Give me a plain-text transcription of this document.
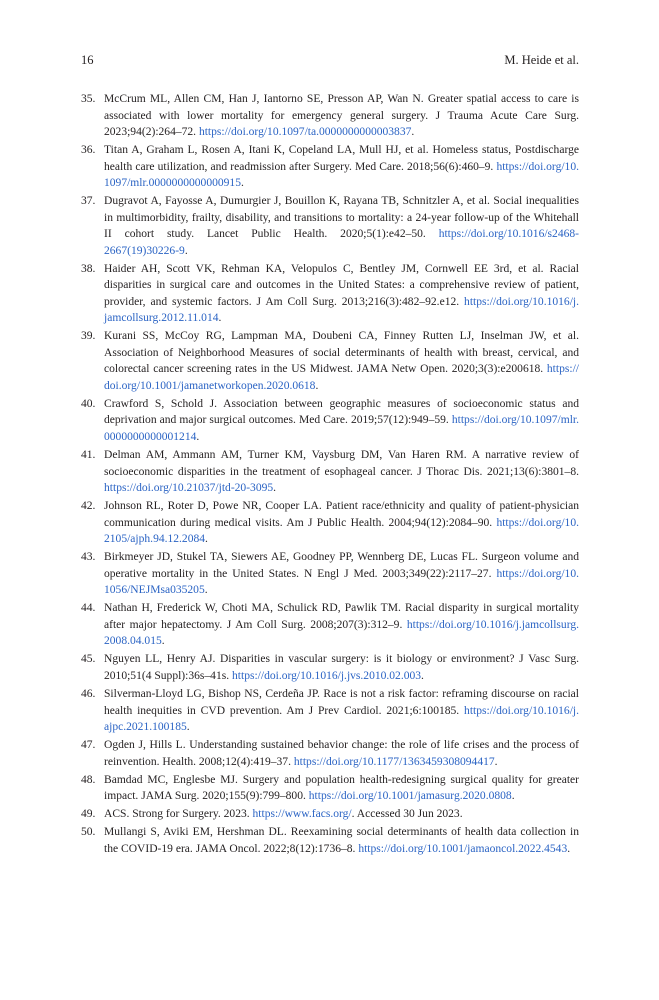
16	M. Heide et al.
35. McCrum ML, Allen CM, Han J, Iantorno SE, Presson AP, Wan N. Greater spatial access to care is associated with lower mortality for emergency general surgery. J Trauma Acute Care Surg. 2023;94(2):264–72. https:/​/​doi.​org/​10.​1097/​ta.​0000000000003837.
36. Titan A, Graham L, Rosen A, Itani K, Copeland LA, Mull HJ, et al. Homeless status, Postdischarge health care utilization, and readmission after Surgery. Med Care. 2018;56(6):460–9. https:/​/​doi.​org/​10.​1097/​mlr.​0000000000000915.
37. Dugravot A, Fayosse A, Dumurgier J, Bouillon K, Rayana TB, Schnitzler A, et al. Social inequalities in multimorbidity, frailty, disability, and transitions to mortality: a 24-year follow-up of the Whitehall II cohort study. Lancet Public Health. 2020;5(1):e42–50. https:/​/​doi.​org/​10.​1016/​s2468-2667(19)30226-9.
38. Haider AH, Scott VK, Rehman KA, Velopulos C, Bentley JM, Cornwell EE 3rd, et al. Racial disparities in surgical care and outcomes in the United States: a comprehensive review of patient, provider, and systemic factors. J Am Coll Surg. 2013;216(3):482–92.e12. https:/​/​doi.​org/​10.​1016/​j.​jamcollsurg.​2012.​11.​014.
39. Kurani SS, McCoy RG, Lampman MA, Doubeni CA, Finney Rutten LJ, Inselman JW, et al. Association of Neighborhood Measures of social determinants of health with breast, cervical, and colorectal cancer screening rates in the US Midwest. JAMA Netw Open. 2020;3(3):e200618. https:/​/​doi.​org/​10.​1001/​jamanetworkopen.​2020.​0618.
40. Crawford S, Schold J. Association between geographic measures of socioeconomic status and deprivation and major surgical outcomes. Med Care. 2019;57(12):949–59. https:/​/​doi.​org/​10.​1097/​mlr.​0000000000001214.
41. Delman AM, Ammann AM, Turner KM, Vaysburg DM, Van Haren RM. A narrative review of socioeconomic disparities in the treatment of esophageal cancer. J Thorac Dis. 2021;13(6):3801–8. https:/​/​doi.​org/​10.​21037/​jtd-20-3095.
42. Johnson RL, Roter D, Powe NR, Cooper LA. Patient race/ethnicity and quality of patient-physician communication during medical visits. Am J Public Health. 2004;94(12):2084–90. https:/​/​doi.​org/​10.​2105/​ajph.​94.​12.​2084.
43. Birkmeyer JD, Stukel TA, Siewers AE, Goodney PP, Wennberg DE, Lucas FL. Surgeon volume and operative mortality in the United States. N Engl J Med. 2003;349(22):2117–27. https:/​/​doi.​org/​10.​1056/​NEJMsa035205.
44. Nathan H, Frederick W, Choti MA, Schulick RD, Pawlik TM. Racial disparity in surgical mortality after major hepatectomy. J Am Coll Surg. 2008;207(3):312–9. https:/​/​doi.​org/​10.​1016/​j.​jamcollsurg.​2008.​04.​015.
45. Nguyen LL, Henry AJ. Disparities in vascular surgery: is it biology or environment? J Vasc Surg. 2010;51(4 Suppl):36s–41s. https:/​/​doi.​org/​10.​1016/​j.​jvs.​2010.​02.​003.
46. Silverman-Lloyd LG, Bishop NS, Cerdeña JP. Race is not a risk factor: reframing discourse on racial health inequities in CVD prevention. Am J Prev Cardiol. 2021;6:100185. https:/​/​doi.​org/​10.​1016/​j.​ajpc.​2021.​100185.
47. Ogden J, Hills L. Understanding sustained behavior change: the role of life crises and the process of reinvention. Health. 2008;12(4):419–37. https:/​/​doi.​org/​10.​1177/​1363459308094417.
48. Bamdad MC, Englesbe MJ. Surgery and population health-redesigning surgical quality for greater impact. JAMA Surg. 2020;155(9):799–800. https:/​/​doi.​org/​10.​1001/​jamasurg.​2020.​0808.
49. ACS. Strong for Surgery. 2023. https:/​/​www.​facs.​org/​. Accessed 30 Jun 2023.
50. Mullangi S, Aviki EM, Hershman DL. Reexamining social determinants of health data collection in the COVID-19 era. JAMA Oncol. 2022;8(12):1736–8. https:/​/​doi.​org/​10.​1001/​jamaoncol.​2022.​4543.
